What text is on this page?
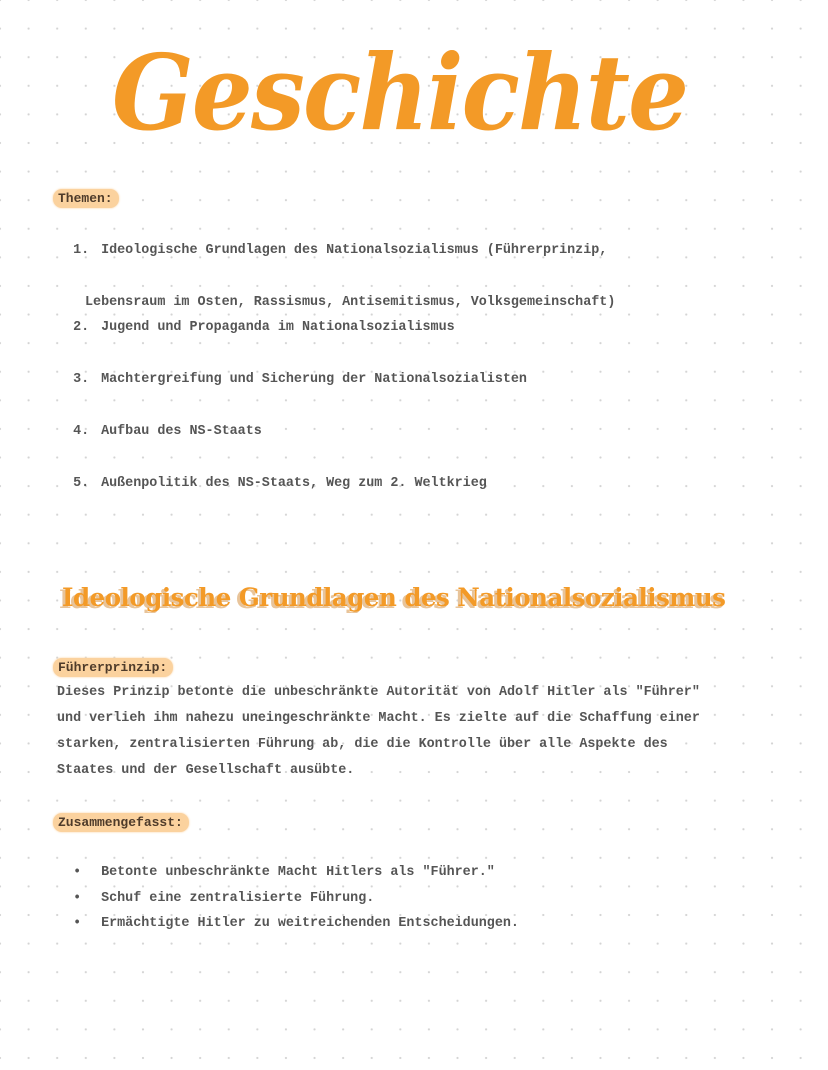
Geschichte
Themen:

1. Ideologische Grundlagen des Nationalsozialismus (Führerprinzip,

Lebensraum im Osten, Rassismus, Antisemitismus, Volksgemeinschaft)

2. Jugend und Propaganda im Nationalsozialismus

3. Machtergreifung und Sicherung der Nationalsozialisten

4. Aufbau des NS-Staats

5. Außenpolitik des NS-Staats, Weg zum 2. Weltkrieg

Ideologische Grundlagen des Nationalsozialismus
Führerprinzip:
Dieses Prinzip betonte die unbeschränkte Autorität von Adolf Hitler als "Führer"
und verlieh ihm nahezu uneingeschränkte Macht. Es zielte auf die Schaffung einer
starken, zentralisierten Führung ab, die die Kontrolle über alle Aspekte des
Staates und der Gesellschaft ausübte.
Zusammengefasst:

• Betonte unbeschränkte Macht Hitlers als "Führer."

• Schuf eine zentralisierte Führung.

• Ermächtigte Hitler zu weitreichenden Entscheidungen.
